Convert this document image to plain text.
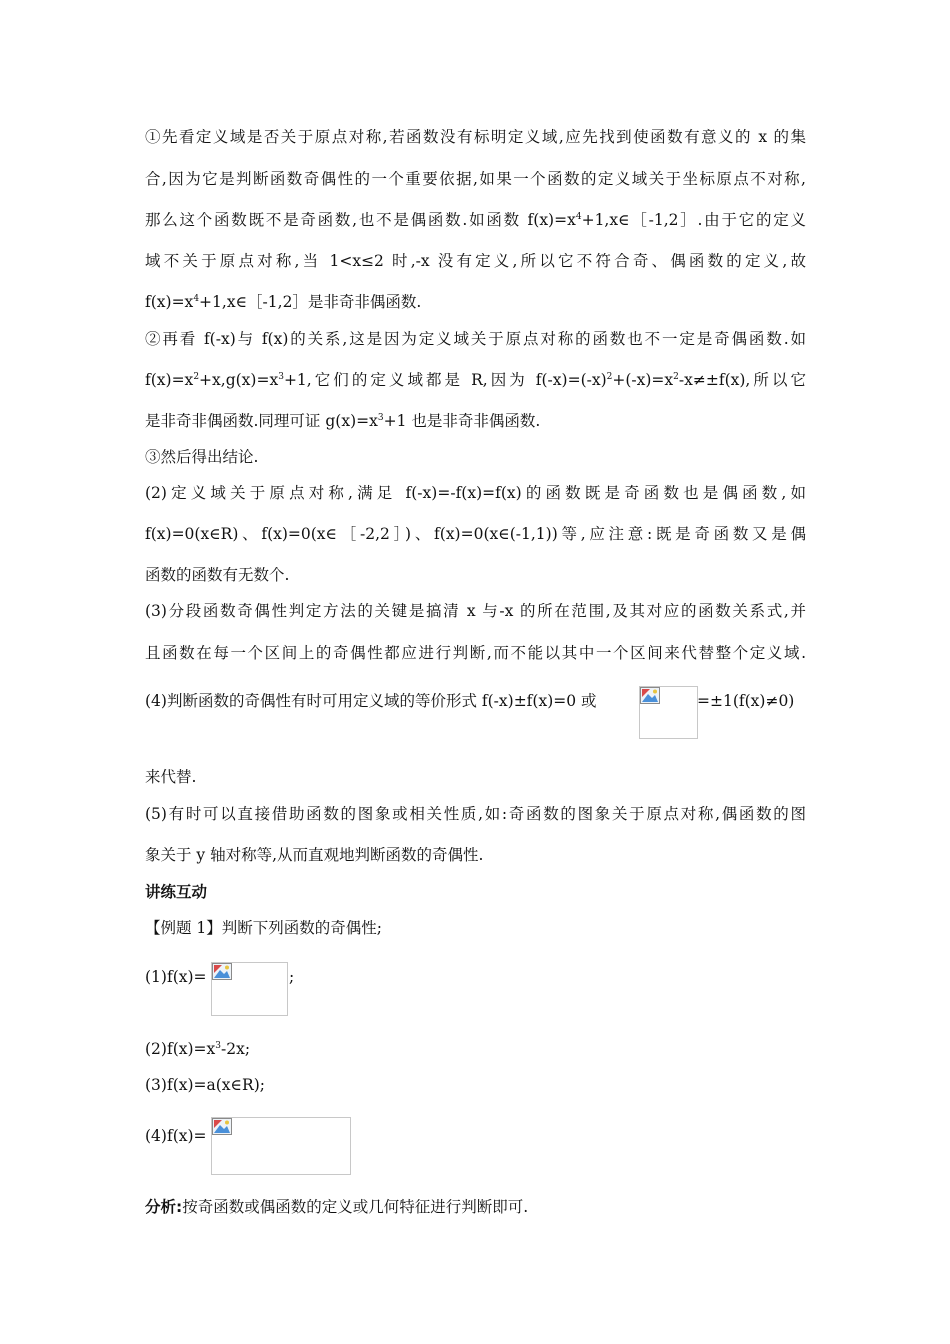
①先看定义域是否关于原点对称,若函数没有标明定义域,应先找到使函数有意义的 x 的集
合,因为它是判断函数奇偶性的一个重要依据,如果一个函数的定义域关于坐标原点不对称,
那么这个函数既不是奇函数,也不是偶函数.如函数 $f(x)=x^4+1,x\in[-1,2]$.由于它的定义
域不关于原点对称,当 1<x≤2 时,-x 没有定义,所以它不符合奇、偶函数的定义,故
$f(x)=x^4+1,x\in[-1,2]$是非奇非偶函数.
②再看 f(-x)与 f(x)的关系,这是因为定义域关于原点对称的函数也不一定是奇偶函数.如
$f(x)=x^2+x,g(x)=x^3+1$,它们的定义域都是 R,因为 $f(-x)=(-x)^2+(-x)=x^2-x\ne\pm f(x)$,所以它
是非奇非偶函数.同理可证 $g(x)=x^3+1$ 也是非奇非偶函数.
③然后得出结论.
(2)定义域关于原点对称,满足 f(-x)=-f(x)=f(x)的函数既是奇函数也是偶函数,如
f(x)=0(x∈R)、f(x)=0(x∈［-2,2］)、f(x)=0(x∈(-1,1))等,应注意:既是奇函数又是偶
函数的函数有无数个.
(3)分段函数奇偶性判定方法的关键是搞清 x 与-x 的所在范围,及其对应的函数关系式,并
且函数在每一个区间上的奇偶性都应进行判断,而不能以其中一个区间来代替整个定义域.
(4)判断函数的奇偶性有时可用定义域的等价形式 f(-x)±f(x)=0 或	=±1(f(x)≠0)
来代替.
(5)有时可以直接借助函数的图象或相关性质,如:奇函数的图象关于原点对称,偶函数的图
象关于 y 轴对称等,从而直观地判断函数的奇偶性.
讲练互动
【例题 1】判断下列函数的奇偶性;
(1)f(x)=	;
$(2)f(x)=x^3-2x$;
(3)f(x)=a(x∈R);
(4)f(x)=
分析:按奇函数或偶函数的定义或几何特征进行判断即可.
